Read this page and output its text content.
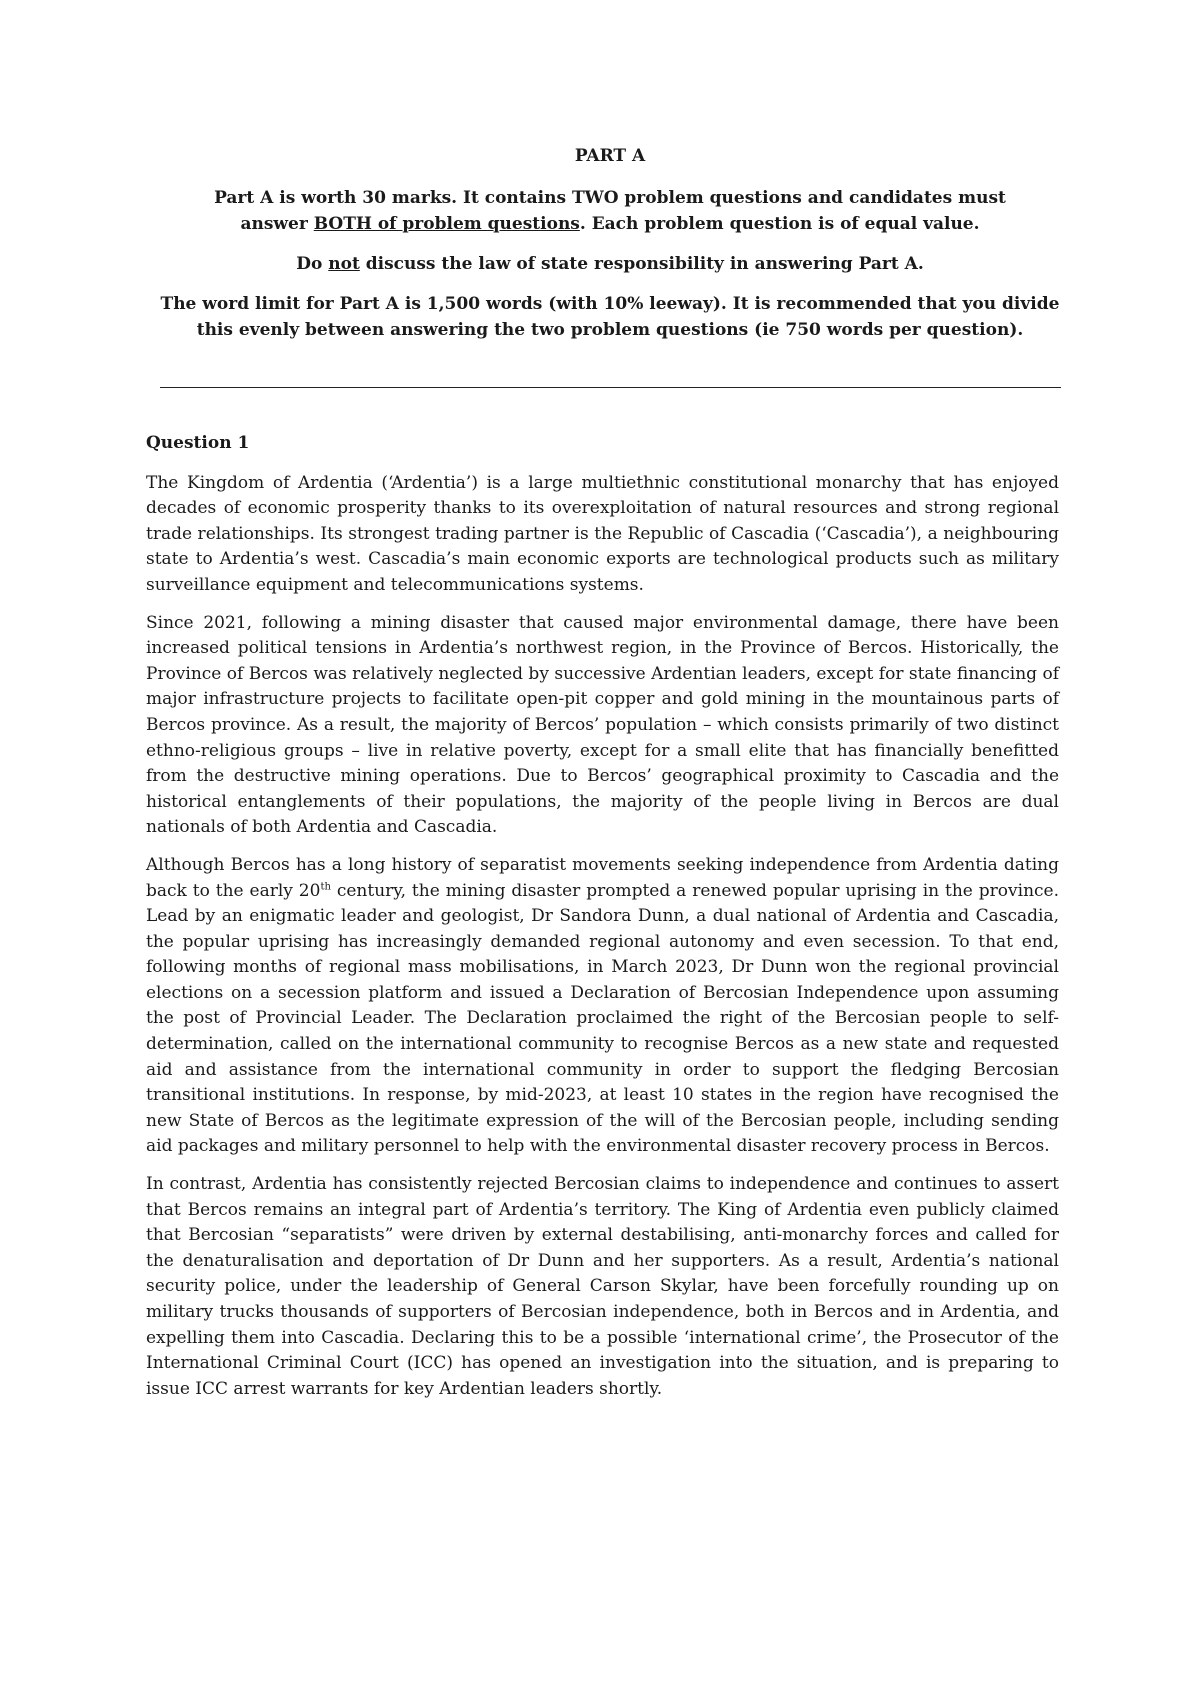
PART A

Part A is worth 30 marks. It contains TWO problem questions and candidates must
answer BOTH of problem questions. Each problem question is of equal value.

Do not discuss the law of state responsibility in answering Part A.

The word limit for Part A is 1,500 words (with 10% leeway). It is recommended that you divide
this evenly between answering the two problem questions (ie 750 words per question).

Question 1

The Kingdom of Ardentia (‘Ardentia’) is a large multiethnic constitutional monarchy that has enjoyed decades of economic prosperity thanks to its overexploitation of natural resources and strong regional trade relationships. Its strongest trading partner is the Republic of Cascadia (‘Cascadia’), a neighbouring state to Ardentia’s west. Cascadia’s main economic exports are technological products such as military surveillance equipment and telecommunications systems.

Since 2021, following a mining disaster that caused major environmental damage, there have been increased political tensions in Ardentia’s northwest region, in the Province of Bercos. Historically, the Province of Bercos was relatively neglected by successive Ardentian leaders, except for state financing of major infrastructure projects to facilitate open-pit copper and gold mining in the mountainous parts of Bercos province. As a result, the majority of Bercos’ population – which consists primarily of two distinct ethno-religious groups – live in relative poverty, except for a small elite that has financially benefitted from the destructive mining operations. Due to Bercos’ geographical proximity to Cascadia and the historical entanglements of their populations, the majority of the people living in Bercos are dual nationals of both Ardentia and Cascadia.

Although Bercos has a long history of separatist movements seeking independence from Ardentia dating back to the early 20th century, the mining disaster prompted a renewed popular uprising in the province. Lead by an enigmatic leader and geologist, Dr Sandora Dunn, a dual national of Ardentia and Cascadia, the popular uprising has increasingly demanded regional autonomy and even secession. To that end, following months of regional mass mobilisations, in March 2023, Dr Dunn won the regional provincial elections on a secession platform and issued a Declaration of Bercosian Independence upon assuming the post of Provincial Leader. The Declaration proclaimed the right of the Bercosian people to self-determination, called on the international community to recognise Bercos as a new state and requested aid and assistance from the international community in order to support the fledging Bercosian transitional institutions. In response, by mid-2023, at least 10 states in the region have recognised the new State of Bercos as the legitimate expression of the will of the Bercosian people, including sending aid packages and military personnel to help with the environmental disaster recovery process in Bercos.

In contrast, Ardentia has consistently rejected Bercosian claims to independence and continues to assert that Bercos remains an integral part of Ardentia’s territory. The King of Ardentia even publicly claimed that Bercosian “separatists” were driven by external destabilising, anti-monarchy forces and called for the denaturalisation and deportation of Dr Dunn and her supporters. As a result, Ardentia’s national security police, under the leadership of General Carson Skylar, have been forcefully rounding up on military trucks thousands of supporters of Bercosian independence, both in Bercos and in Ardentia, and expelling them into Cascadia. Declaring this to be a possible ‘international crime’, the Prosecutor of the International Criminal Court (ICC) has opened an investigation into the situation, and is preparing to issue ICC arrest warrants for key Ardentian leaders shortly.
